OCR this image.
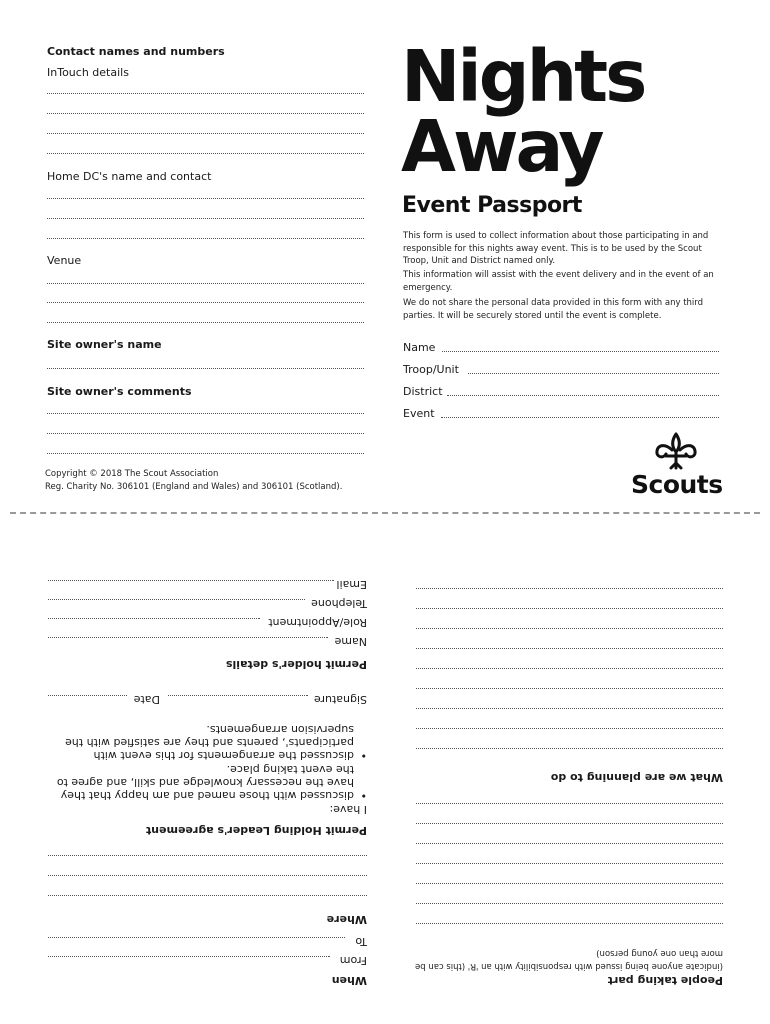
Contact names and numbers
InTouch details
Home DC's name and contact
Venue
Site owner's name
Site owner's comments
Copyright © 2018 The Scout Association
Reg. Charity No. 306101 (England and Wales) and 306101 (Scotland).
Nights
Away
Event Passport
This form is used to collect information about those participating in and responsible for this nights away event. This is to be used by the Scout Troop, Unit and District named only.
This information will assist with the event delivery and in the event of an emergency.
We do not share the personal data provided in this form with any third parties. It will be securely stored until the event is complete.
Name
Troop/Unit
District
Event
Scouts
People taking part
(indicate anyone being issued with responsibility with an 'R' (this can be more than one young person)
What we are planning to do
When
From
To
Where
Permit Holding Leader's agreement
I have:
•
discussed with those named and am happy that they have the necessary knowledge and skill, and agree to the event taking place.
•
discussed the arrangements for this event with participants', parents and they are satisfied with the supervision arrangements.
Signature
Date
Permit holder's details
Name
Role/Appointment
Telephone
Email
